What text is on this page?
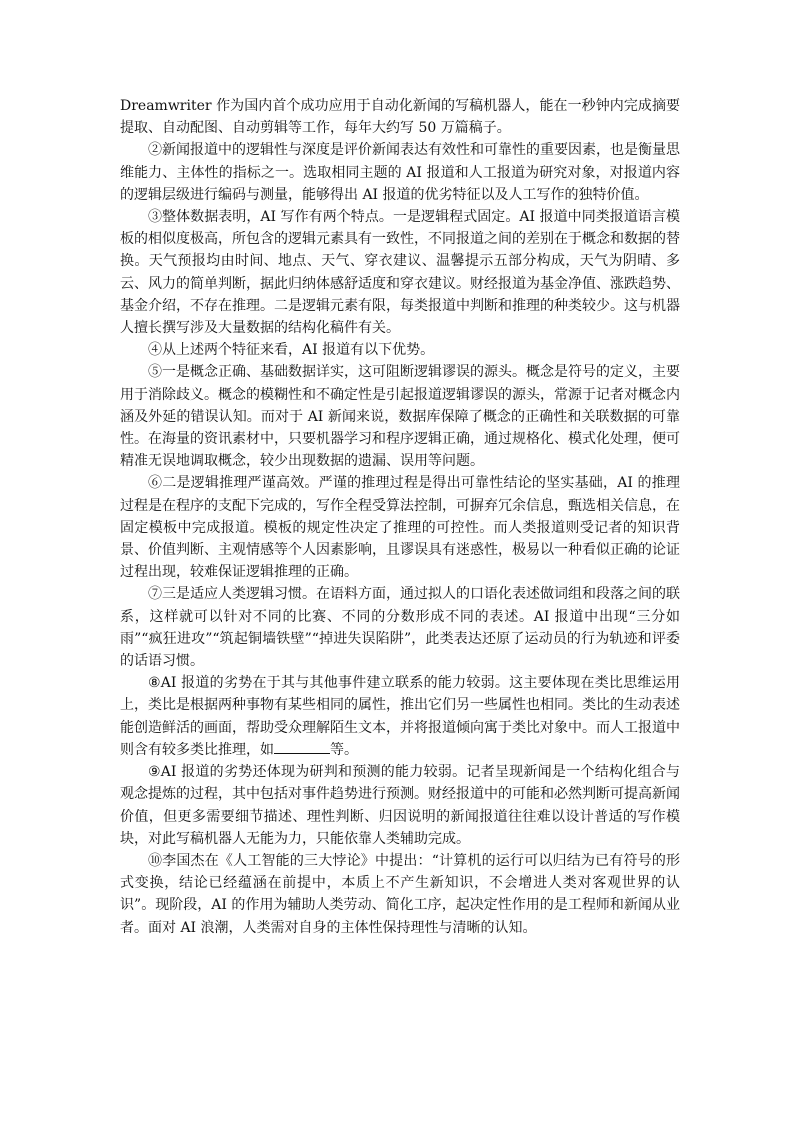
Dreamwriter 作为国内首个成功应用于自动化新闻的写稿机器人，能在一秒钟内完成摘要提取、自动配图、自动剪辑等工作，每年大约写 50 万篇稿子。

②新闻报道中的逻辑性与深度是评价新闻表达有效性和可靠性的重要因素，也是衡量思维能力、主体性的指标之一。选取相同主题的 AI 报道和人工报道为研究对象，对报道内容的逻辑层级进行编码与测量，能够得出 AI 报道的优劣特征以及人工写作的独特价值。

③整体数据表明，AI 写作有两个特点。一是逻辑程式固定。AI 报道中同类报道语言模板的相似度极高，所包含的逻辑元素具有一致性，不同报道之间的差别在于概念和数据的替换。天气预报均由时间、地点、天气、穿衣建议、温馨提示五部分构成，天气为阴晴、多云、风力的简单判断，据此归纳体感舒适度和穿衣建议。财经报道为基金净值、涨跌趋势、基金介绍，不存在推理。二是逻辑元素有限，每类报道中判断和推理的种类较少。这与机器人擅长撰写涉及大量数据的结构化稿件有关。

④从上述两个特征来看，AI 报道有以下优势。

⑤一是概念正确、基础数据详实，这可阻断逻辑谬误的源头。概念是符号的定义，主要用于消除歧义。概念的模糊性和不确定性是引起报道逻辑谬误的源头，常源于记者对概念内涵及外延的错误认知。而对于 AI 新闻来说，数据库保障了概念的正确性和关联数据的可靠性。在海量的资讯素材中，只要机器学习和程序逻辑正确，通过规格化、模式化处理，便可精准无误地调取概念，较少出现数据的遗漏、误用等问题。

⑥二是逻辑推理严谨高效。严谨的推理过程是得出可靠性结论的坚实基础，AI 的推理过程是在程序的支配下完成的，写作全程受算法控制，可摒弃冗余信息，甄选相关信息，在固定模板中完成报道。模板的规定性决定了推理的可控性。而人类报道则受记者的知识背景、价值判断、主观情感等个人因素影响，且谬误具有迷惑性，极易以一种看似正确的论证过程出现，较难保证逻辑推理的正确。

⑦三是适应人类逻辑习惯。在语料方面，通过拟人的口语化表述做词组和段落之间的联系，这样就可以针对不同的比赛、不同的分数形成不同的表述。AI 报道中出现“三分如雨”“疯狂进攻”“筑起铜墙铁壁”“掉进失误陷阱”，此类表达还原了运动员的行为轨迹和评委的话语习惯。

⑧AI 报道的劣势在于其与其他事件建立联系的能力较弱。这主要体现在类比思维运用上，类比是根据两种事物有某些相同的属性，推出它们另一些属性也相同。类比的生动表述能创造鲜活的画面，帮助受众理解陌生文本，并将报道倾向寓于类比对象中。而人工报道中则含有较多类比推理，如	等。

⑨AI 报道的劣势还体现为研判和预测的能力较弱。记者呈现新闻是一个结构化组合与观念提炼的过程，其中包括对事件趋势进行预测。财经报道中的可能和必然判断可提高新闻价值，但更多需要细节描述、理性判断、归因说明的新闻报道往往难以设计普适的写作模块，对此写稿机器人无能为力，只能依靠人类辅助完成。

⑩李国杰在《人工智能的三大悖论》中提出：“计算机的运行可以归结为已有符号的形式变换，结论已经蕴涵在前提中，本质上不产生新知识，不会增进人类对客观世界的认识”。现阶段，AI 的作用为辅助人类劳动、简化工序，起决定性作用的是工程师和新闻从业者。面对 AI 浪潮，人类需对自身的主体性保持理性与清晰的认知。
